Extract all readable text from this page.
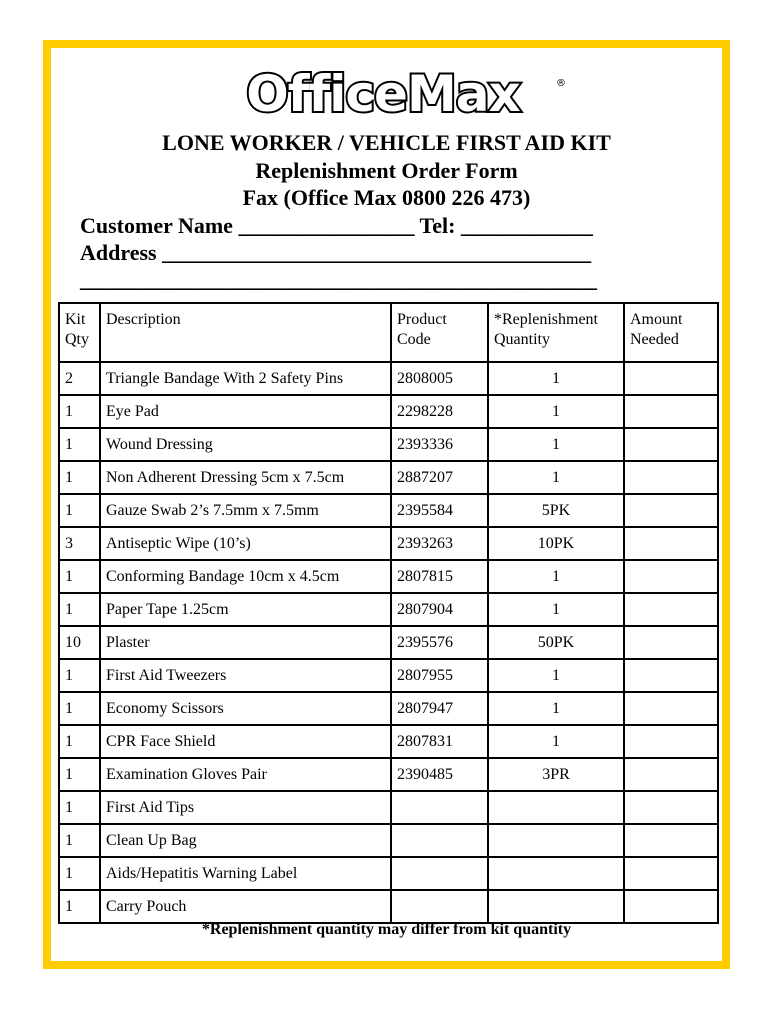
OfficeMax	®
LONE WORKER / VEHICLE FIRST AID KIT
Replenishment Order Form
Fax (Office Max 0800 226 473)
Customer Name ________________ Tel: ____________
Address _______________________________________
_______________________________________________
Kit Qty	Description	Product Code	*Replenishment Quantity	Amount Needed
2	Triangle Bandage With 2 Safety Pins	2808005	1	
1	Eye Pad	2298228	1	
1	Wound Dressing	2393336	1	
1	Non Adherent Dressing 5cm x 7.5cm	2887207	1	
1	Gauze Swab 2’s 7.5mm x 7.5mm	2395584	5PK	
3	Antiseptic Wipe (10’s)	2393263	10PK	
1	Conforming Bandage 10cm x 4.5cm	2807815	1	
1	Paper Tape 1.25cm	2807904	1	
10	Plaster	2395576	50PK	
1	First Aid Tweezers	2807955	1	
1	Economy Scissors	2807947	1	
1	CPR Face Shield	2807831	1	
1	Examination Gloves Pair	2390485	3PR	
1	First Aid Tips			
1	Clean Up Bag			
1	Aids/Hepatitis Warning Label			
1	Carry Pouch			
*Replenishment quantity may differ from kit quantity
